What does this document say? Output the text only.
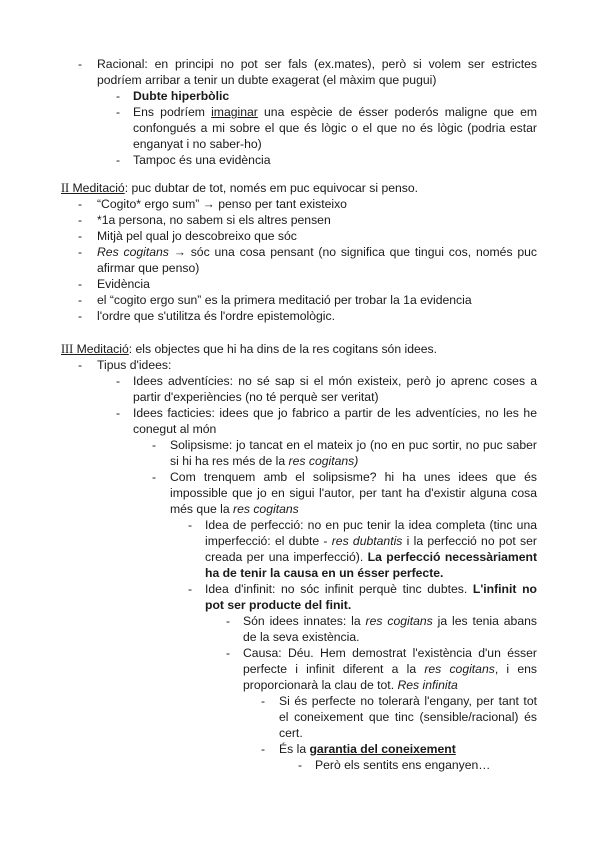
- Racional: en principi no pot ser fals (ex.mates), però si volem ser estrictes
podríem arribar a tenir un dubte exagerat (el màxim que pugui)
- Dubte hiperbòlic
- Ens podríem imaginar una espècie de ésser poderós maligne que em
confongués a mi sobre el que és lògic o el que no és lògic (podria estar
enganyat i no saber-ho)
- Tampoc és una evidència
II Meditació: puc dubtar de tot, només em puc equivocar si penso.
- “Cogito* ergo sum” → penso per tant existeixo
- *1a persona, no sabem si els altres pensen
- Mitjà pel qual jo descobreixo que sóc
- Res cogitans → sóc una cosa pensant (no significa que tingui cos, només puc
afirmar que penso)
- Evidència
- el “cogito ergo sun” es la primera meditació per trobar la 1a evidencia
- l'ordre que s'utilitza és l'ordre epistemològic.
III Meditació: els objectes que hi ha dins de la res cogitans són idees.
- Tipus d'idees:
- Idees adventícies: no sé sap si el món existeix, però jo aprenc coses a
partir d'experiències (no té perquè ser veritat)
- Idees facticies: idees que jo fabrico a partir de les adventícies, no les he
conegut al món
- Solipsisme: jo tancat en el mateix jo (no en puc sortir, no puc saber
si hi ha res més de la res cogitans)
- Com trenquem amb el solipsisme? hi ha unes idees que és
impossible que jo en sigui l'autor, per tant ha d'existir alguna cosa
més que la res cogitans
- Idea de perfecció: no en puc tenir la idea completa (tinc una
imperfecció: el dubte - res dubtantis i la perfecció no pot ser
creada per una imperfecció). La perfecció necessàriament
ha de tenir la causa en un ésser perfecte.
- Idea d'infinit: no sóc infinit perquè tinc dubtes. L'infinit no
pot ser producte del finit.
- Són idees innates: la res cogitans ja les tenia abans
de la seva existència.
- Causa: Déu. Hem demostrat l'existència d'un ésser
perfecte i infinit diferent a la res cogitans, i ens
proporcionarà la clau de tot. Res infinita
- Si és perfecte no tolerarà l'engany, per tant tot
el coneixement que tinc (sensible/racional) és
cert.
- És la garantia del coneixement
- Però els sentits ens enganyen…
